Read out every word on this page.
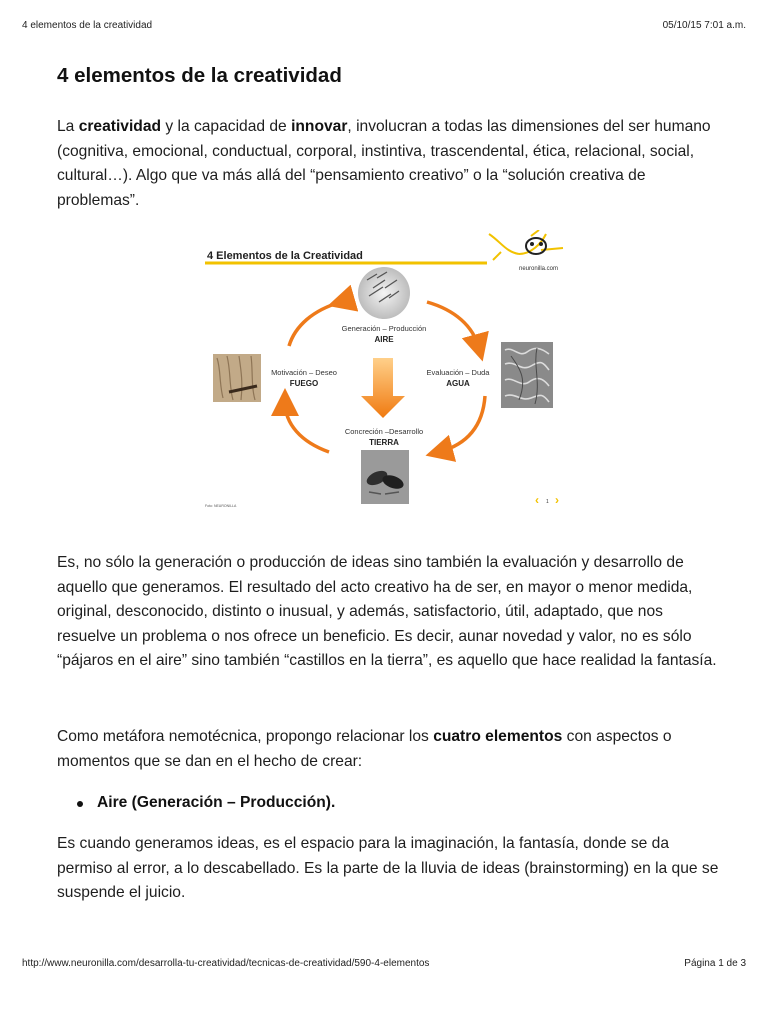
4 elementos de la creatividad	05/10/15 7:01 a.m.
4 elementos de la creatividad

La creatividad y la capacidad de innovar, involucran a todas las dimensiones del ser humano (cognitiva, emocional, conductual, corporal, instintiva, trascendental, ética, relacional, social, cultural…). Algo que va más allá del “pensamiento creativo” o la “solución creativa de problemas”.

4 Elementos de la Creatividad
neuronilla.com
Generación – Producción
AIRE
Motivación – Deseo
FUEGO
Evaluación – Duda
AGUA
Concreción –Desarrollo
TIERRA
‹ 1 ›
Foto: NEURONILLA

Es, no sólo la generación o producción de ideas sino también la evaluación y desarrollo de aquello que generamos. El resultado del acto creativo ha de ser, en mayor o menor medida, original, desconocido, distinto o inusual, y además, satisfactorio, útil, adaptado, que nos resuelve un problema o nos ofrece un beneficio. Es decir, aunar novedad y valor, no es sólo “pájaros en el aire” sino también “castillos en la tierra”, es aquello que hace realidad la fantasía.

Como metáfora nemotécnica, propongo relacionar los cuatro elementos con aspectos o momentos que se dan en el hecho de crear:

Aire (Generación – Producción).

Es cuando generamos ideas, es el espacio para la imaginación, la fantasía, donde se da permiso al error, a lo descabellado. Es la parte de la lluvia de ideas (brainstorming) en la que se suspende el juicio.

http://www.neuronilla.com/desarrolla-tu-creatividad/tecnicas-de-creatividad/590-4-elementos	Página 1 de 3
